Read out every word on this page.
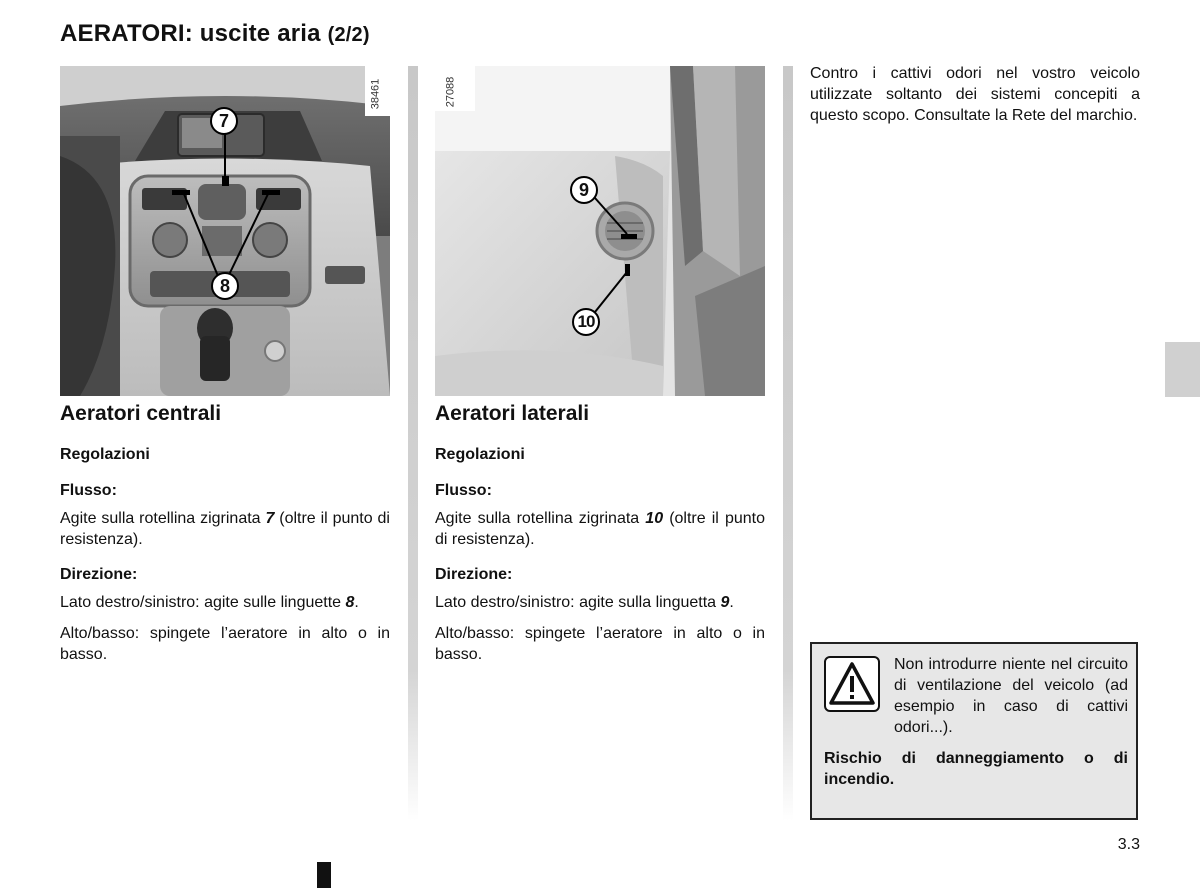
AERATORI: uscite aria (2/2)
7
8
38461
9
10
27088
Aeratori centrali
Regolazioni
Flusso:
Agite sulla rotellina zigrinata 7 (oltre il punto di resistenza).
Direzione:
Lato destro/sinistro: agite sulle linguette 8.
Alto/basso: spingete l’aeratore in alto o in basso.
Aeratori laterali
Regolazioni
Flusso:
Agite sulla rotellina zigrinata 10 (oltre il punto di resistenza).
Direzione:
Lato destro/sinistro: agite sulla linguetta 9.
Alto/basso: spingete l’aeratore in alto o in basso.
Contro i cattivi odori nel vostro veicolo utilizzate soltanto dei sistemi concepiti a questo scopo. Consultate la Rete del marchio.
Non introdurre niente nel circuito di ventilazione del veicolo (ad esempio in caso di cattivi odori...).
Rischio di danneggiamento o di incendio.
3.3
